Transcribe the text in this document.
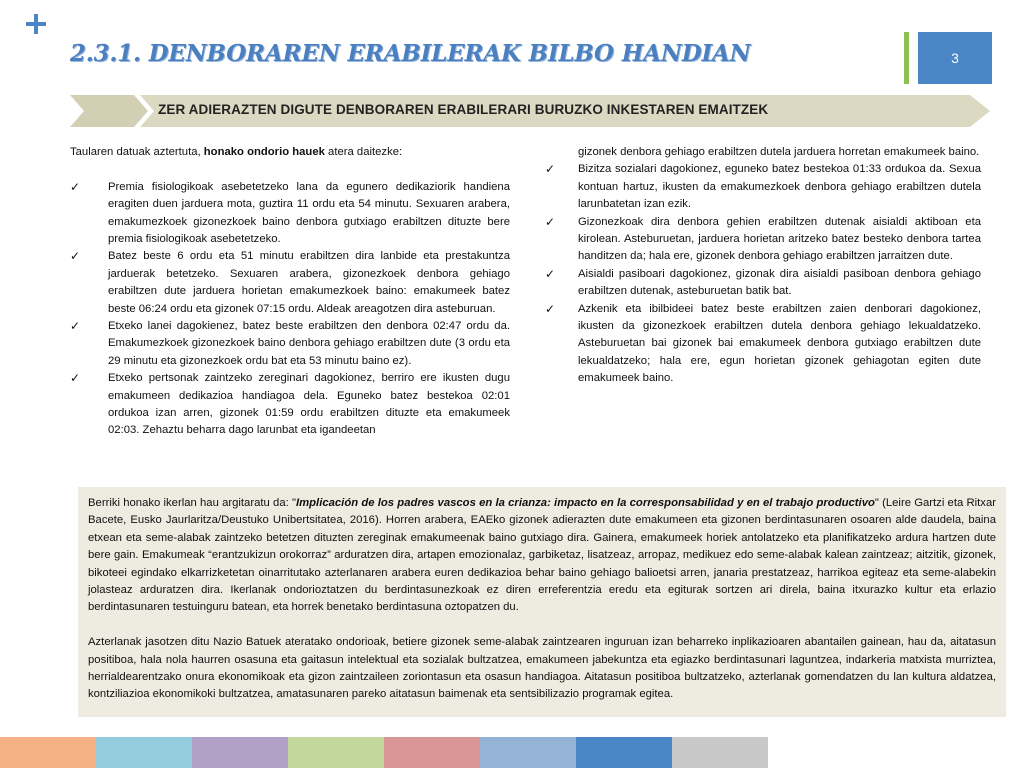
2.3.1. DENBORAREN ERABILERAK BILBO HANDIAN	3
ZER ADIERAZTEN DIGUTE DENBORAREN ERABILERARI BURUZKO INKESTAREN EMAITZEK

Taularen datuak aztertuta, honako ondorio hauek atera daitezke:

✓ Premia fisiologikoak asebetetzeko lana da egunero dedikaziorik handiena eragiten duen jarduera mota, guztira 11 ordu eta 54 minutu. Sexuaren arabera, emakumezkoek gizonezkoek baino denbora gutxiago erabiltzen dituzte bere premia fisiologikoak asebetetzeko.
✓ Batez beste 6 ordu eta 51 minutu erabiltzen dira lanbide eta prestakuntza jarduerak betetzeko. Sexuaren arabera, gizonezkoek denbora gehiago erabiltzen dute jarduera horietan emakumezkoek baino: emakumeek batez beste 06:24 ordu eta gizonek 07:15 ordu. Aldeak areagotzen dira asteburuan.
✓ Etxeko lanei dagokienez, batez beste erabiltzen den denbora 02:47 ordu da. Emakumezkoek gizonezkoek baino denbora gehiago erabiltzen dute (3 ordu eta 29 minutu eta gizonezkoek ordu bat eta 53 minutu baino ez).
✓ Etxeko pertsonak zaintzeko zereginari dagokionez, berriro ere ikusten dugu emakumeen dedikazioa handiagoa dela. Eguneko batez bestekoa 02:01 ordukoa izan arren, gizonek 01:59 ordu erabiltzen dituzte eta emakumeek 02:03. Zehaztu beharra dago larunbat eta igandeetan

gizonek denbora gehiago erabiltzen dutela jarduera horretan emakumeek baino.

✓ Bizitza sozialari dagokionez, eguneko batez bestekoa 01:33 ordukoa da. Sexua kontuan hartuz, ikusten da emakumezkoek denbora gehiago erabiltzen dutela larunbatetan izan ezik.
✓ Gizonezkoak dira denbora gehien erabiltzen dutenak aisialdi aktiboan eta kirolean. Asteburuetan, jarduera horietan aritzeko batez besteko denbora tartea handitzen da; hala ere, gizonek denbora gehiago erabiltzen jarraitzen dute.
✓ Aisialdi pasiboari dagokionez, gizonak dira aisialdi pasiboan denbora gehiago erabiltzen dutenak, asteburuetan batik bat.
✓ Azkenik eta ibilbideei batez beste erabiltzen zaien denborari dagokionez, ikusten da gizonezkoek erabiltzen dutela denbora gehiago lekualdatzeko. Asteburuetan bai gizonek bai emakumeek denbora gutxiago erabiltzen dute lekualdatzeko; hala ere, egun horietan gizonek gehiagotan egiten dute emakumeek baino.

Berriki honako ikerlan hau argitaratu da: "Implicación de los padres vascos en la crianza: impacto en la corresponsabilidad y en el trabajo productivo" (Leire Gartzi eta Ritxar Bacete, Eusko Jaurlaritza/Deustuko Unibertsitatea, 2016). Horren arabera, EAEko gizonek adierazten dute emakumeen eta gizonen berdintasunaren osoaren alde daudela, baina etxean eta seme-alabak zaintzeko betetzen dituzten zereginak emakumeenak baino gutxiago dira. Gainera, emakumeek horiek antolatzeko eta planifikatzeko ardura hartzen dute bere gain. Emakumeak “erantzukizun orokorraz” arduratzen dira, artapen emozionalaz, garbiketaz, lisatzeaz, arropaz, medikuez edo seme-alabak kalean zaintzeaz; aitzitik, gizonek, bikoteei egindako elkarrizketetan oinarritutako azterlanaren arabera euren dedikazioa behar baino gehiago balioetsi arren, janaria prestatzeaz, harrikoa egiteaz eta seme-alabekin jolasteaz arduratzen dira. Ikerlanak ondorioztatzen du berdintasunezkoak ez diren erreferentzia eredu eta egiturak sortzen ari direla, baina itxurazko kultur eta erlazio berdintasunaren testuinguru batean, eta horrek benetako berdintasuna oztopatzen du.

Azterlanak jasotzen ditu Nazio Batuek ateratako ondorioak, betiere gizonek seme-alabak zaintzearen inguruan izan beharreko inplikazioaren abantailen gainean, hau da, aitatasun positiboa, hala nola haurren osasuna eta gaitasun intelektual eta sozialak bultzatzea, emakumeen jabekuntza eta egiazko berdintasunari laguntzea, indarkeria matxista murriztea, herrialdearentzako onura ekonomikoak eta gizon zaintzaileen zoriontasun eta osasun handiagoa. Aitatasun positiboa bultzatzeko, azterlanak gomendatzen du lan kultura aldatzea, kontziliazioa ekonomikoki bultzatzea, amatasunaren pareko aitatasun baimenak eta sentsibilizazio programak egitea.
